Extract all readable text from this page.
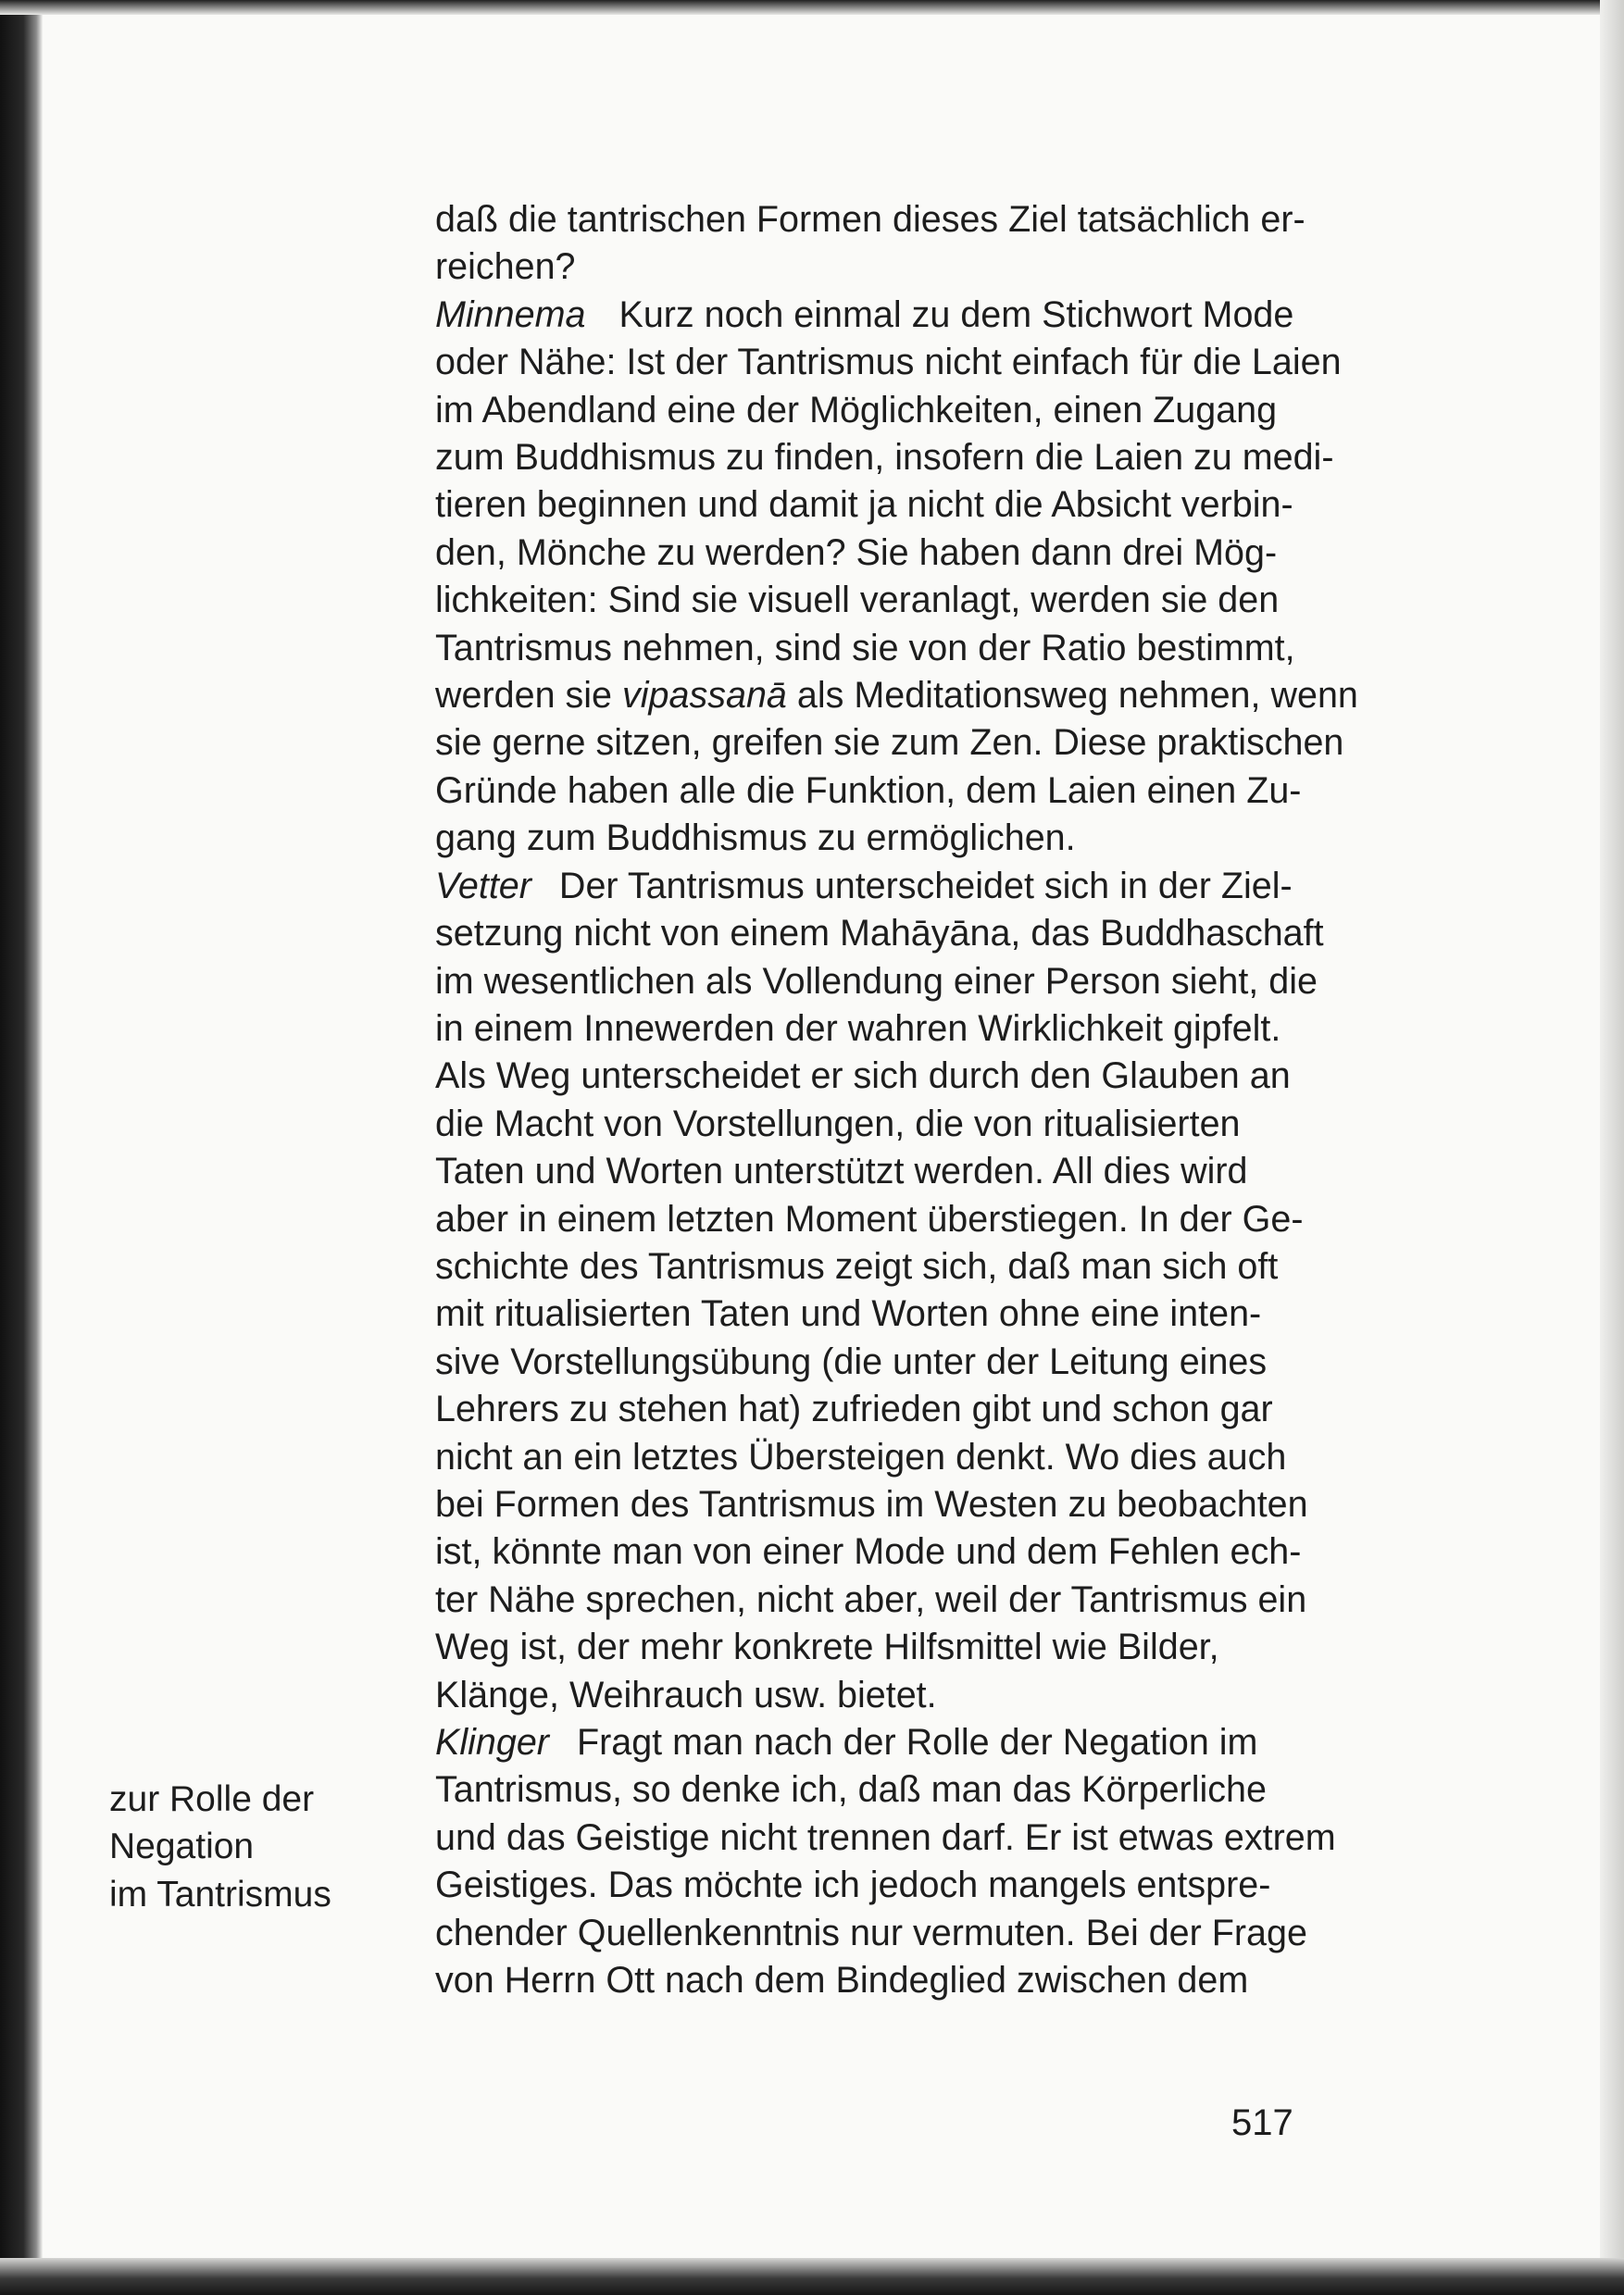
daß die tantrischen Formen dieses Ziel tatsächlich er-
reichen?
Minnema Kurz noch einmal zu dem Stichwort Mode
oder Nähe: Ist der Tantrismus nicht einfach für die Laien
im Abendland eine der Möglichkeiten, einen Zugang
zum Buddhismus zu finden, insofern die Laien zu medi-
tieren beginnen und damit ja nicht die Absicht verbin-
den, Mönche zu werden? Sie haben dann drei Mög-
lichkeiten: Sind sie visuell veranlagt, werden sie den
Tantrismus nehmen, sind sie von der Ratio bestimmt,
werden sie vipassanā als Meditationsweg nehmen, wenn
sie gerne sitzen, greifen sie zum Zen. Diese praktischen
Gründe haben alle die Funktion, dem Laien einen Zu-
gang zum Buddhismus zu ermöglichen.
Vetter Der Tantrismus unterscheidet sich in der Ziel-
setzung nicht von einem Mahāyāna, das Buddhaschaft
im wesentlichen als Vollendung einer Person sieht, die
in einem Innewerden der wahren Wirklichkeit gipfelt.
Als Weg unterscheidet er sich durch den Glauben an
die Macht von Vorstellungen, die von ritualisierten
Taten und Worten unterstützt werden. All dies wird
aber in einem letzten Moment überstiegen. In der Ge-
schichte des Tantrismus zeigt sich, daß man sich oft
mit ritualisierten Taten und Worten ohne eine inten-
sive Vorstellungsübung (die unter der Leitung eines
Lehrers zu stehen hat) zufrieden gibt und schon gar
nicht an ein letztes Übersteigen denkt. Wo dies auch
bei Formen des Tantrismus im Westen zu beobachten
ist, könnte man von einer Mode und dem Fehlen ech-
ter Nähe sprechen, nicht aber, weil der Tantrismus ein
Weg ist, der mehr konkrete Hilfsmittel wie Bilder,
Klänge, Weihrauch usw. bietet.
Klinger Fragt man nach der Rolle der Negation im
Tantrismus, so denke ich, daß man das Körperliche
und das Geistige nicht trennen darf. Er ist etwas extrem
Geistiges. Das möchte ich jedoch mangels entspre-
chender Quellenkenntnis nur vermuten. Bei der Frage
von Herrn Ott nach dem Bindeglied zwischen dem
zur Rolle der
Negation
im Tantrismus
517
